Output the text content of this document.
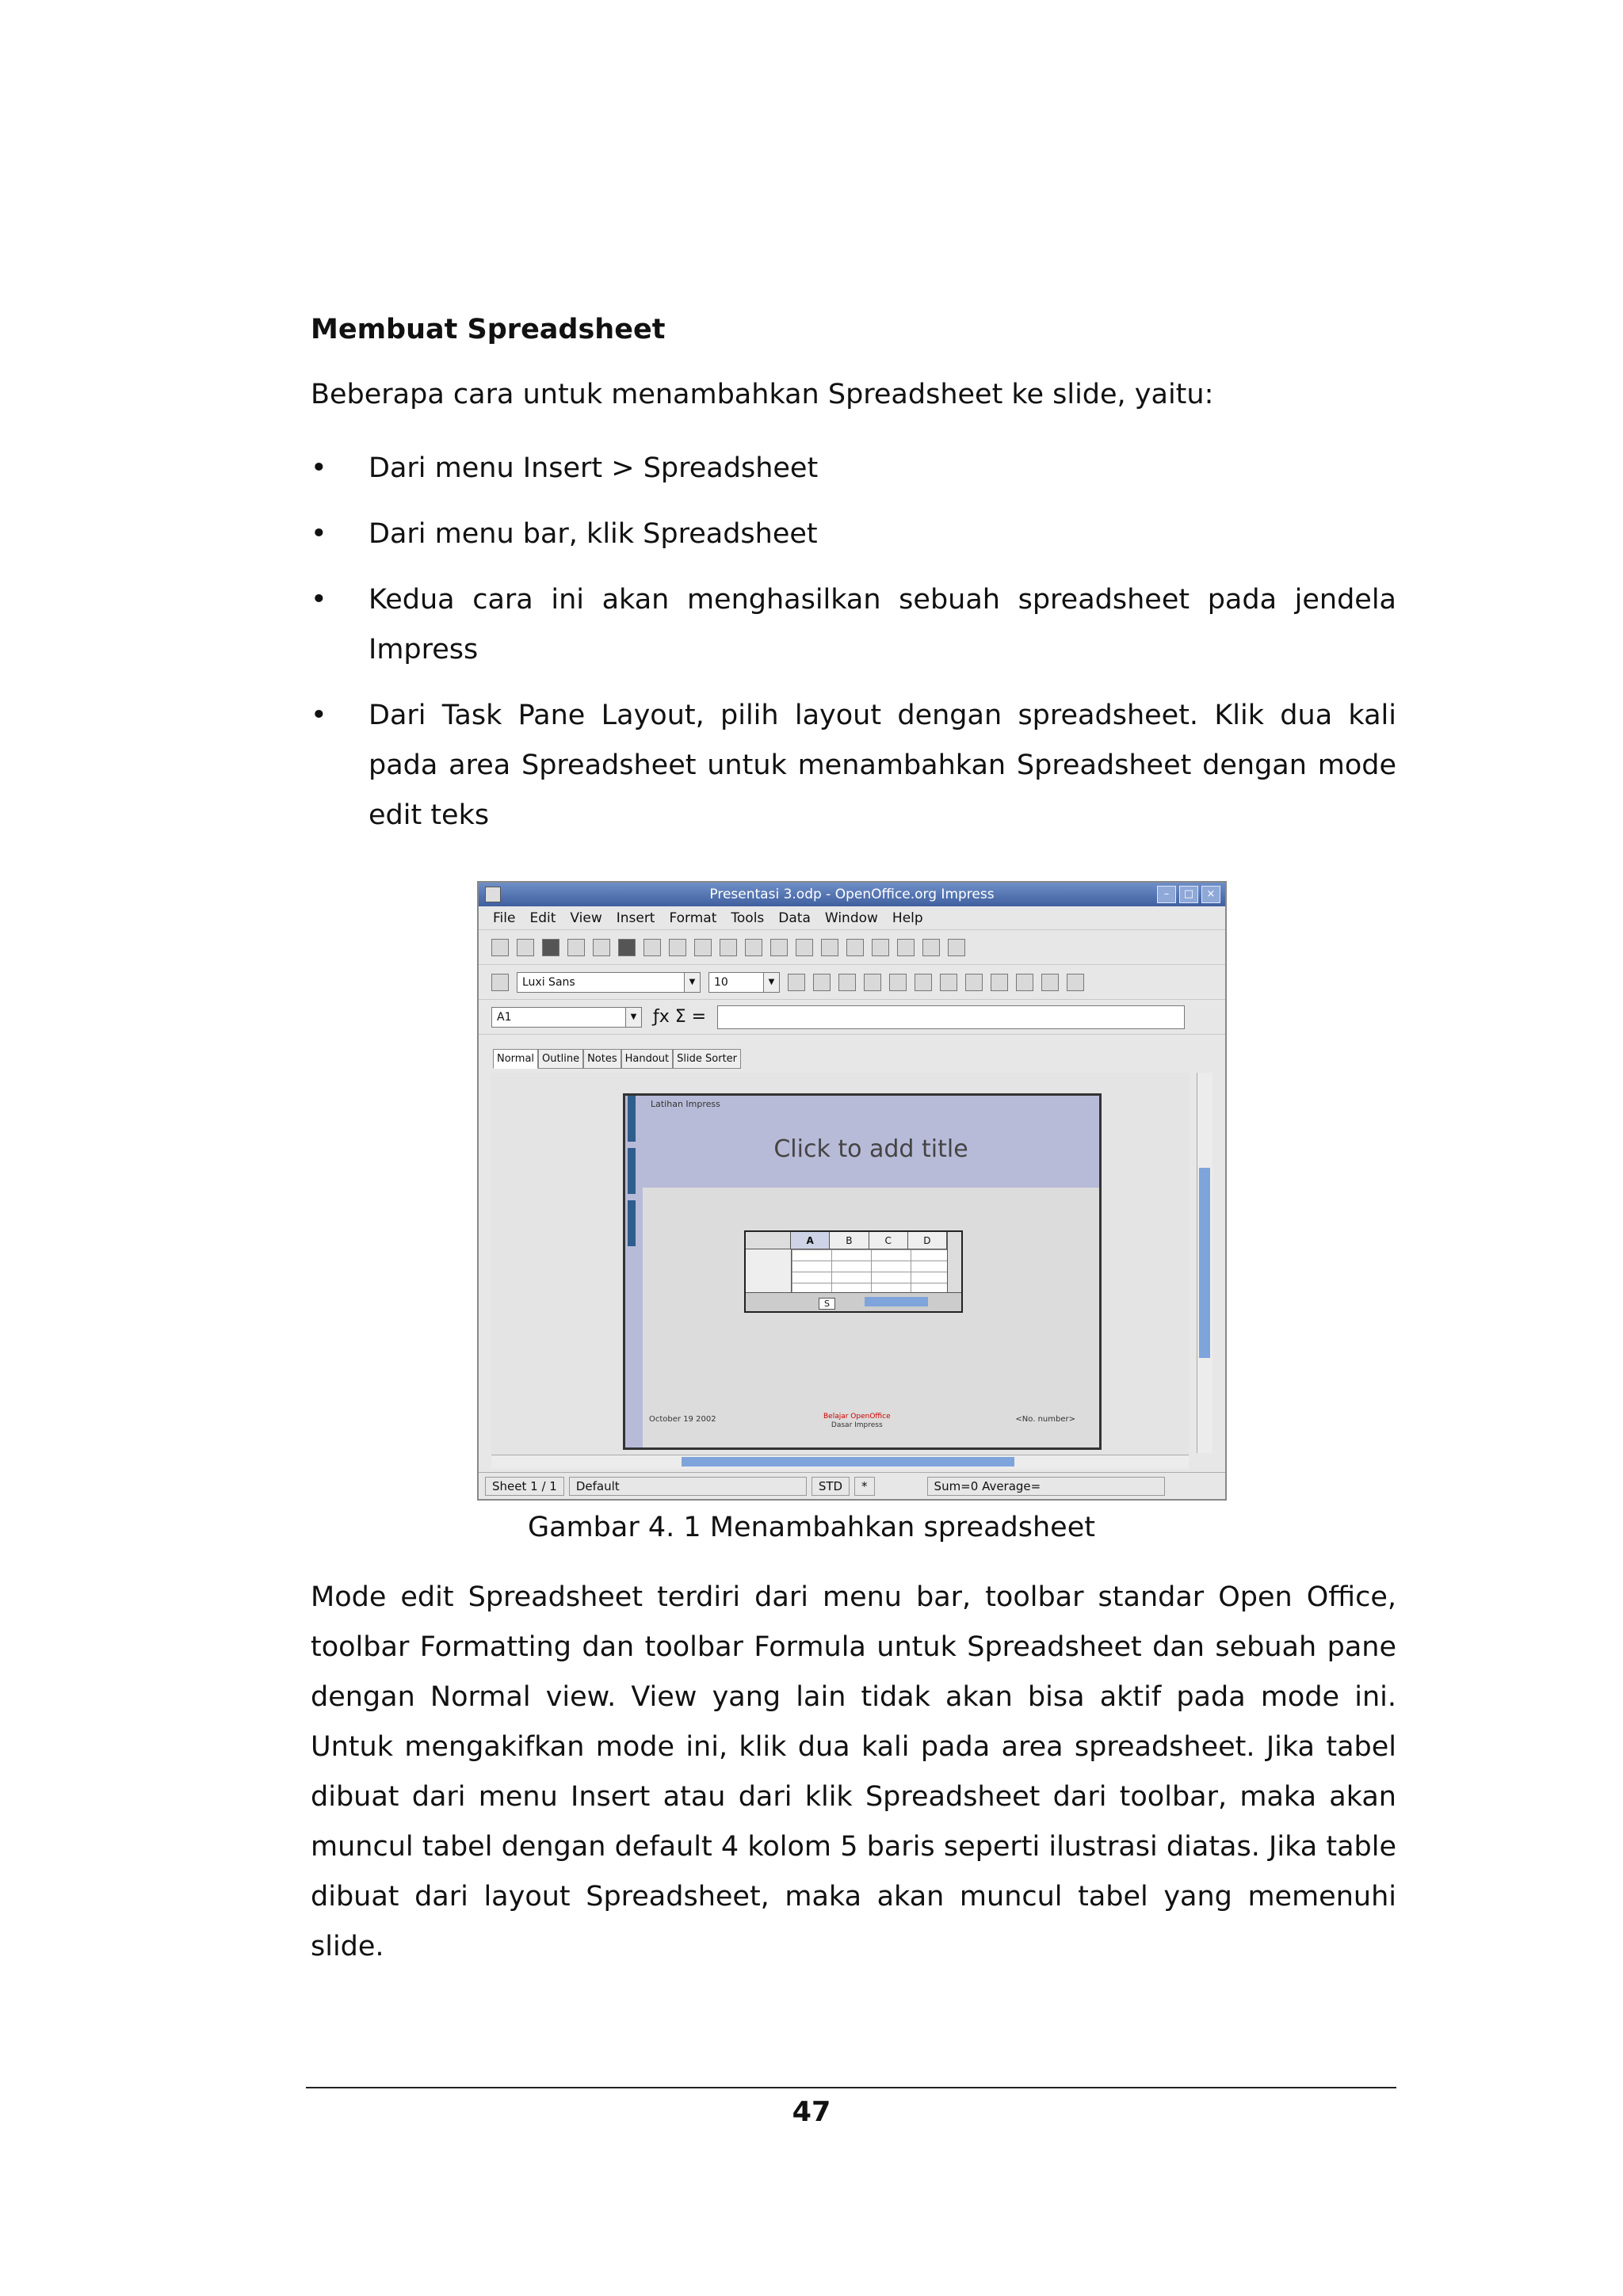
Membuat Spreadsheet
Beberapa cara untuk menambahkan Spreadsheet ke slide, yaitu:
• Dari menu Insert > Spreadsheet
• Dari menu bar, klik Spreadsheet
• Kedua cara ini akan menghasilkan sebuah spreadsheet pada jendela Impress
• Dari Task Pane Layout, pilih layout dengan spreadsheet. Klik dua kali pada area Spreadsheet untuk menambahkan Spreadsheet dengan mode edit teks
Presentasi 3.odp - OpenOffice.org Impress	–	□	×
File Edit View Insert Format Tools Data Window Help
Luxi Sans	▼	10	▼
A1	▼ ƒx Σ =
Normal Outline Notes Handout Slide Sorter
Latihan Impress
Click to add title
A	B	C	D
S
October 19 2002	Belajar OpenOffice
Dasar Impress
<No. number>
Sheet 1 / 1	Default	STD	*	Sum=0 Average=
Gambar 4. 1 Menambahkan spreadsheet

Mode edit Spreadsheet terdiri dari menu bar, toolbar standar Open Office, toolbar Formatting dan toolbar Formula untuk Spreadsheet dan sebuah pane dengan Normal view. View yang lain tidak akan bisa aktif pada mode ini. Untuk mengakifkan mode ini, klik dua kali pada area spreadsheet. Jika tabel dibuat dari menu Insert atau dari klik Spreadsheet dari toolbar, maka akan muncul tabel dengan default 4 kolom 5 baris seperti ilustrasi diatas. Jika table dibuat dari layout Spreadsheet, maka akan muncul tabel yang memenuhi slide.

47
